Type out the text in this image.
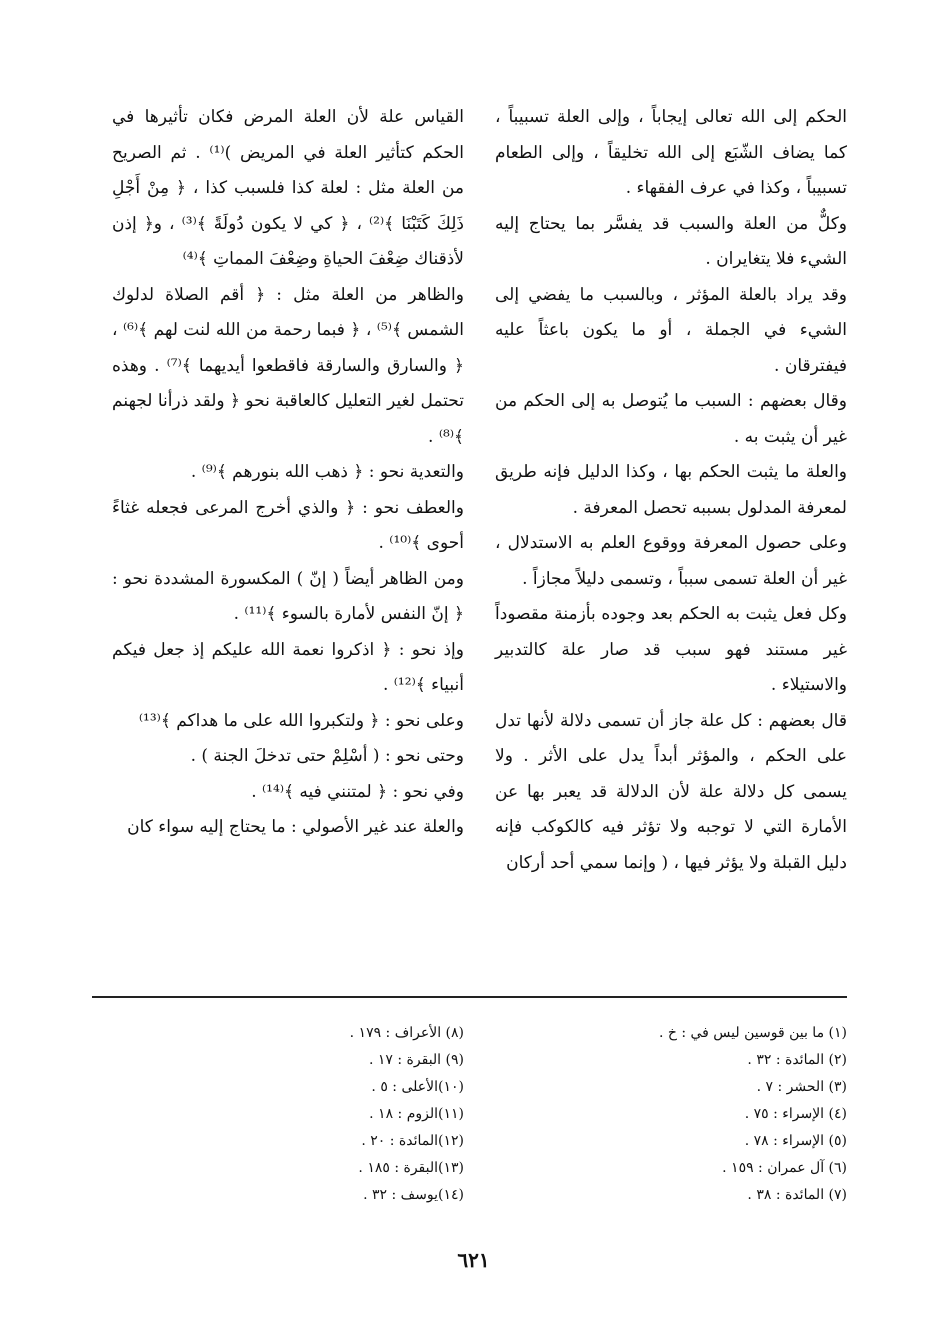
الحكم إلى الله تعالى إيجاباً ، وإلى العلة تسبيباً ، كما يضاف الشّبَع إلى الله تخليقاً ، وإلى الطعام تسبيباً ، وكذا في عرف الفقهاء .

وكلٌّ من العلة والسبب قد يفسَّر بما يحتاج إليه الشيء فلا يتغايران .

وقد يراد بالعلة المؤثر ، وبالسبب ما يفضي إلى الشيء في الجملة ، أو ما يكون باعثاً عليه فيفترقان .

وقال بعضهم : السبب ما يُتوصل به إلى الحكم من غير أن يثبت به .

والعلة ما يثبت الحكم بها ، وكذا الدليل فإنه طريق لمعرفة المدلول بسببه تحصل المعرفة .

وعلى حصول المعرفة ووقوع العلم به الاستدلال ، غير أن العلة تسمى سبباً ، وتسمى دليلاً مجازاً .

وكل فعل يثبت به الحكم بعد وجوده بأزمنة مقصوداً غير مستند فهو سبب قد صار علة كالتدبير والاستيلاء .

قال بعضهم : كل علة جاز أن تسمى دلالة لأنها تدل على الحكم ، والمؤثر أبداً يدل على الأثر . ولا يسمى كل دلالة علة لأن الدلالة قد يعبر بها عن الأمارة التي لا توجبه ولا تؤثر فيه كالكوكب فإنه دليل القبلة ولا يؤثر فيها ، ( وإنما سمي أحد أركان

القياس علة لأن العلة المرض فكان تأثيرها في الحكم كتأثير العلة في المريض )⁽¹⁾ . ثم الصريح من العلة مثل : لعلة كذا فلسبب كذا ، ﴿ مِنْ أَجْلِ ذَلِكَ كَتَبْنَا ﴾⁽²⁾ ، ﴿ كي لا يكون دُولَةً ﴾⁽³⁾ ، و﴿ إذن لأذقناك ضِعْفَ الحياةِ وضِعْفَ المماتِ ﴾⁽⁴⁾

والظاهر من العلة مثل : ﴿ أقم الصلاة لدلوك الشمس ﴾⁽⁵⁾ ، ﴿ فبما رحمة من الله لنت لهم ﴾⁽⁶⁾ ، ﴿ والسارق والسارقة فاقطعوا أيديهما ﴾⁽⁷⁾ . وهذه تحتمل لغير التعليل كالعاقبة نحو ﴿ ولقد ذرأنا لجهنم ﴾⁽⁸⁾ .

والتعدية نحو : ﴿ ذهب الله بنورهم ﴾⁽⁹⁾ .

والعطف نحو : ﴿ والذي أخرج المرعى فجعله غثاءً أحوى ﴾⁽¹⁰⁾ .

ومن الظاهر أيضاً ( إنّ ) المكسورة المشددة نحو : ﴿ إنّ النفس لأمارة بالسوء ﴾⁽¹¹⁾ .

وإذ نحو : ﴿ اذكروا نعمة الله عليكم إذ جعل فيكم أنبياء ﴾⁽¹²⁾ .

وعلى نحو : ﴿ ولتكبروا الله على ما هداكم ﴾⁽¹³⁾

وحتى نحو : ( أسْلِمْ حتى تدخلَ الجنة ) .

وفي نحو : ﴿ لمتنني فيه ﴾⁽¹⁴⁾ .

والعلة عند غير الأصولي : ما يحتاج إليه سواء كان

(١) ما بين قوسين ليس في : خ .
(٢) المائدة : ٣٢ .
(٣) الحشر : ٧ .
(٤) الإسراء : ٧٥ .
(٥) الإسراء : ٧٨ .
(٦) آل عمران : ١٥٩ .
(٧) المائدة : ٣٨ .
(٨) الأعراف : ١٧٩ .
(٩) البقرة : ١٧ .
(١٠)الأعلى : ٥ .
(١١)الزوم : ١٨ .
(١٢)المائدة : ٢٠ .
(١٣)البقرة : ١٨٥ .
(١٤)يوسف : ٣٢ .
٦٢١
